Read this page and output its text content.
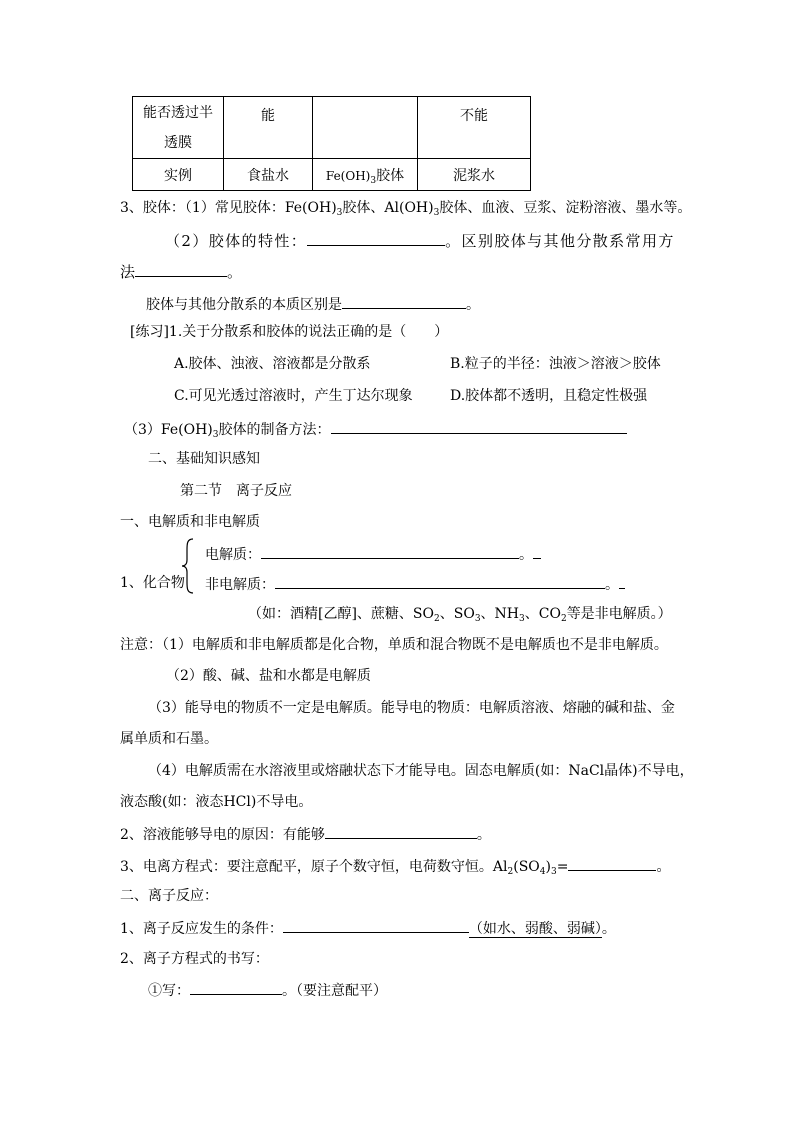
能否透过半
透膜	能		不能
实例	食盐水	$Fe(OH)_3$胶体	泥浆水
3、胶体：（1）常见胶体：$Fe(OH)_3$胶体、$Al(OH)_3$胶体、血液、豆浆、淀粉溶液、墨水等。
（2）胶体的特性：	。区别胶体与其他分散系常用方
法	。
胶体与其他分散系的本质区别是	。
[练习]1.关于分散系和胶体的说法正确的是（　　）
A.胶体、浊液、溶液都是分散系	B.粒子的半径：浊液＞溶液＞胶体
C.可见光透过溶液时，产生丁达尔现象	D.胶体都不透明，且稳定性极强
$(3)Fe(OH)_3$胶体的制备方法：
二、基础知识感知
第二节　离子反应
一、电解质和非电解质
电解质：	。
1、化合物 非电解质：	。
（如：酒精[乙醇]、蔗糖、$SO_2$、$SO_3$、$NH_3$、$CO_2$等是非电解质。）
注意：（1）电解质和非电解质都是化合物，单质和混合物既不是电解质也不是非电解质。
（2）酸、碱、盐和水都是电解质
（3）能导电的物质不一定是电解质。能导电的物质：电解质溶液、熔融的碱和盐、金
属单质和石墨。
（4）电解质需在水溶液里或熔融状态下才能导电。固态电解质(如：NaCl晶体)不导电，
液态酸(如：液态HCl)不导电。
2、溶液能够导电的原因：有能够	。
3、电离方程式：要注意配平，原子个数守恒，电荷数守恒。$Al_2(SO_4)_3=$	。
二、离子反应：
1、离子反应发生的条件：	（如水、弱酸、弱碱）。
2、离子方程式的书写：
①写：	。（要注意配平）
